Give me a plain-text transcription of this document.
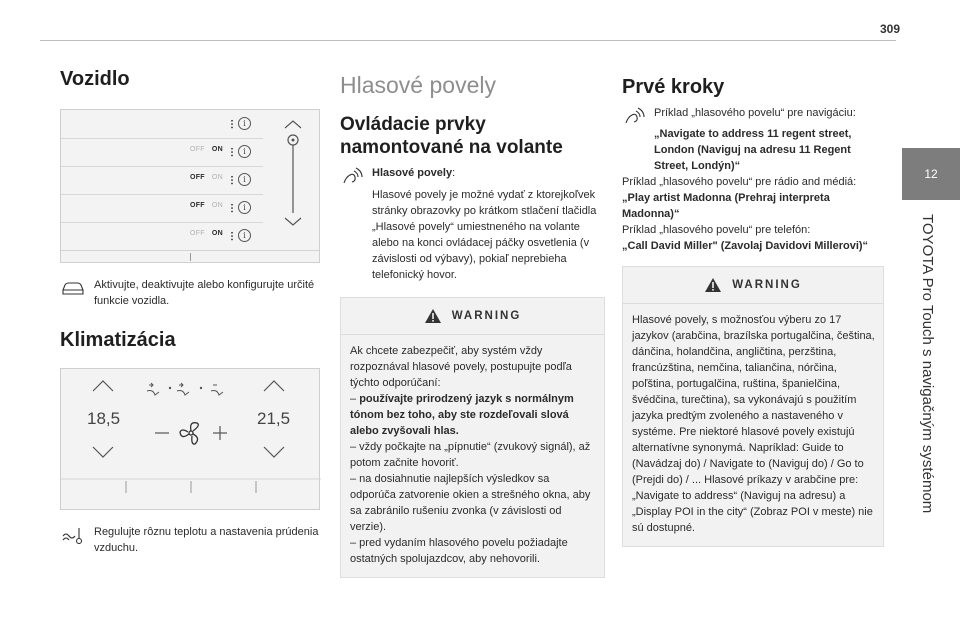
309
12
TOYOTA Pro Touch s navigačným systémom
Vozidlo
i
OFF ON	i
OFF ON	i
OFF ON	i
OFF ON	i

Aktivujte, deaktivujte alebo konfigurujte určité funkcie vozidla.

Klimatizácia
18,5	21,5

Regulujte rôznu teplotu a nastavenia prúdenia vzduchu.

Hlasové povely
Ovládacie prvky namontované na volante

Hlasové povely:

Hlasové povely je možné vydať z ktorejkoľvek stránky obrazovky po krátkom stlačení tlačidla „Hlasové povely“ umiestneného na volante alebo na konci ovládacej páčky osvetlenia (v závislosti od výbavy), pokiaľ neprebieha telefonický hovor.

WARNING

Ak chcete zabezpečiť, aby systém vždy rozpoznával hlasové povely, postupujte podľa týchto odporúčaní:

– používajte prirodzený jazyk s normálnym tónom bez toho, aby ste rozdeľovali slová alebo zvyšovali hlas.

– vždy počkajte na „pípnutie“ (zvukový signál), až potom začnite hovoriť.

– na dosiahnutie najlepších výsledkov sa odporúča zatvorenie okien a strešného okna, aby sa zabránilo rušeniu zvonka (v závislosti od verzie).

– pred vydaním hlasového povelu požiadajte ostatných spolujazdcov, aby nehovorili.

Prvé kroky

Príklad „hlasového povelu“ pre navigáciu:

„Navigate to address 11 regent street, London (Naviguj na adresu 11 Regent Street, Londýn)“

Príklad „hlasového povelu“ pre rádio and médiá:

„Play artist Madonna (Prehraj interpreta Madonna)“

Príklad „hlasového povelu“ pre telefón:

„Call David Miller" (Zavolaj Davidovi Millerovi)“

WARNING

Hlasové povely, s možnosťou výberu zo 17 jazykov (arabčina, brazílska portugalčina, čeština, dánčina, holandčina, angličtina, perzština, francúzština, nemčina, taliančina, nórčina, poľština, portugalčina, ruština, španielčina, švédčina, turečtina), sa vykonávajú s použitím jazyka predtým zvoleného a nastaveného v systéme. Pre niektoré hlasové povely existujú alternatívne synonymá. Napríklad: Guide to (Navádzaj do) / Navigate to (Naviguj do) / Go to (Prejdi do) / ... Hlasové príkazy v arabčine pre: „Navigate to address“ (Naviguj na adresu) a „Display POI in the city“ (Zobraz POI v meste) nie sú dostupné.
